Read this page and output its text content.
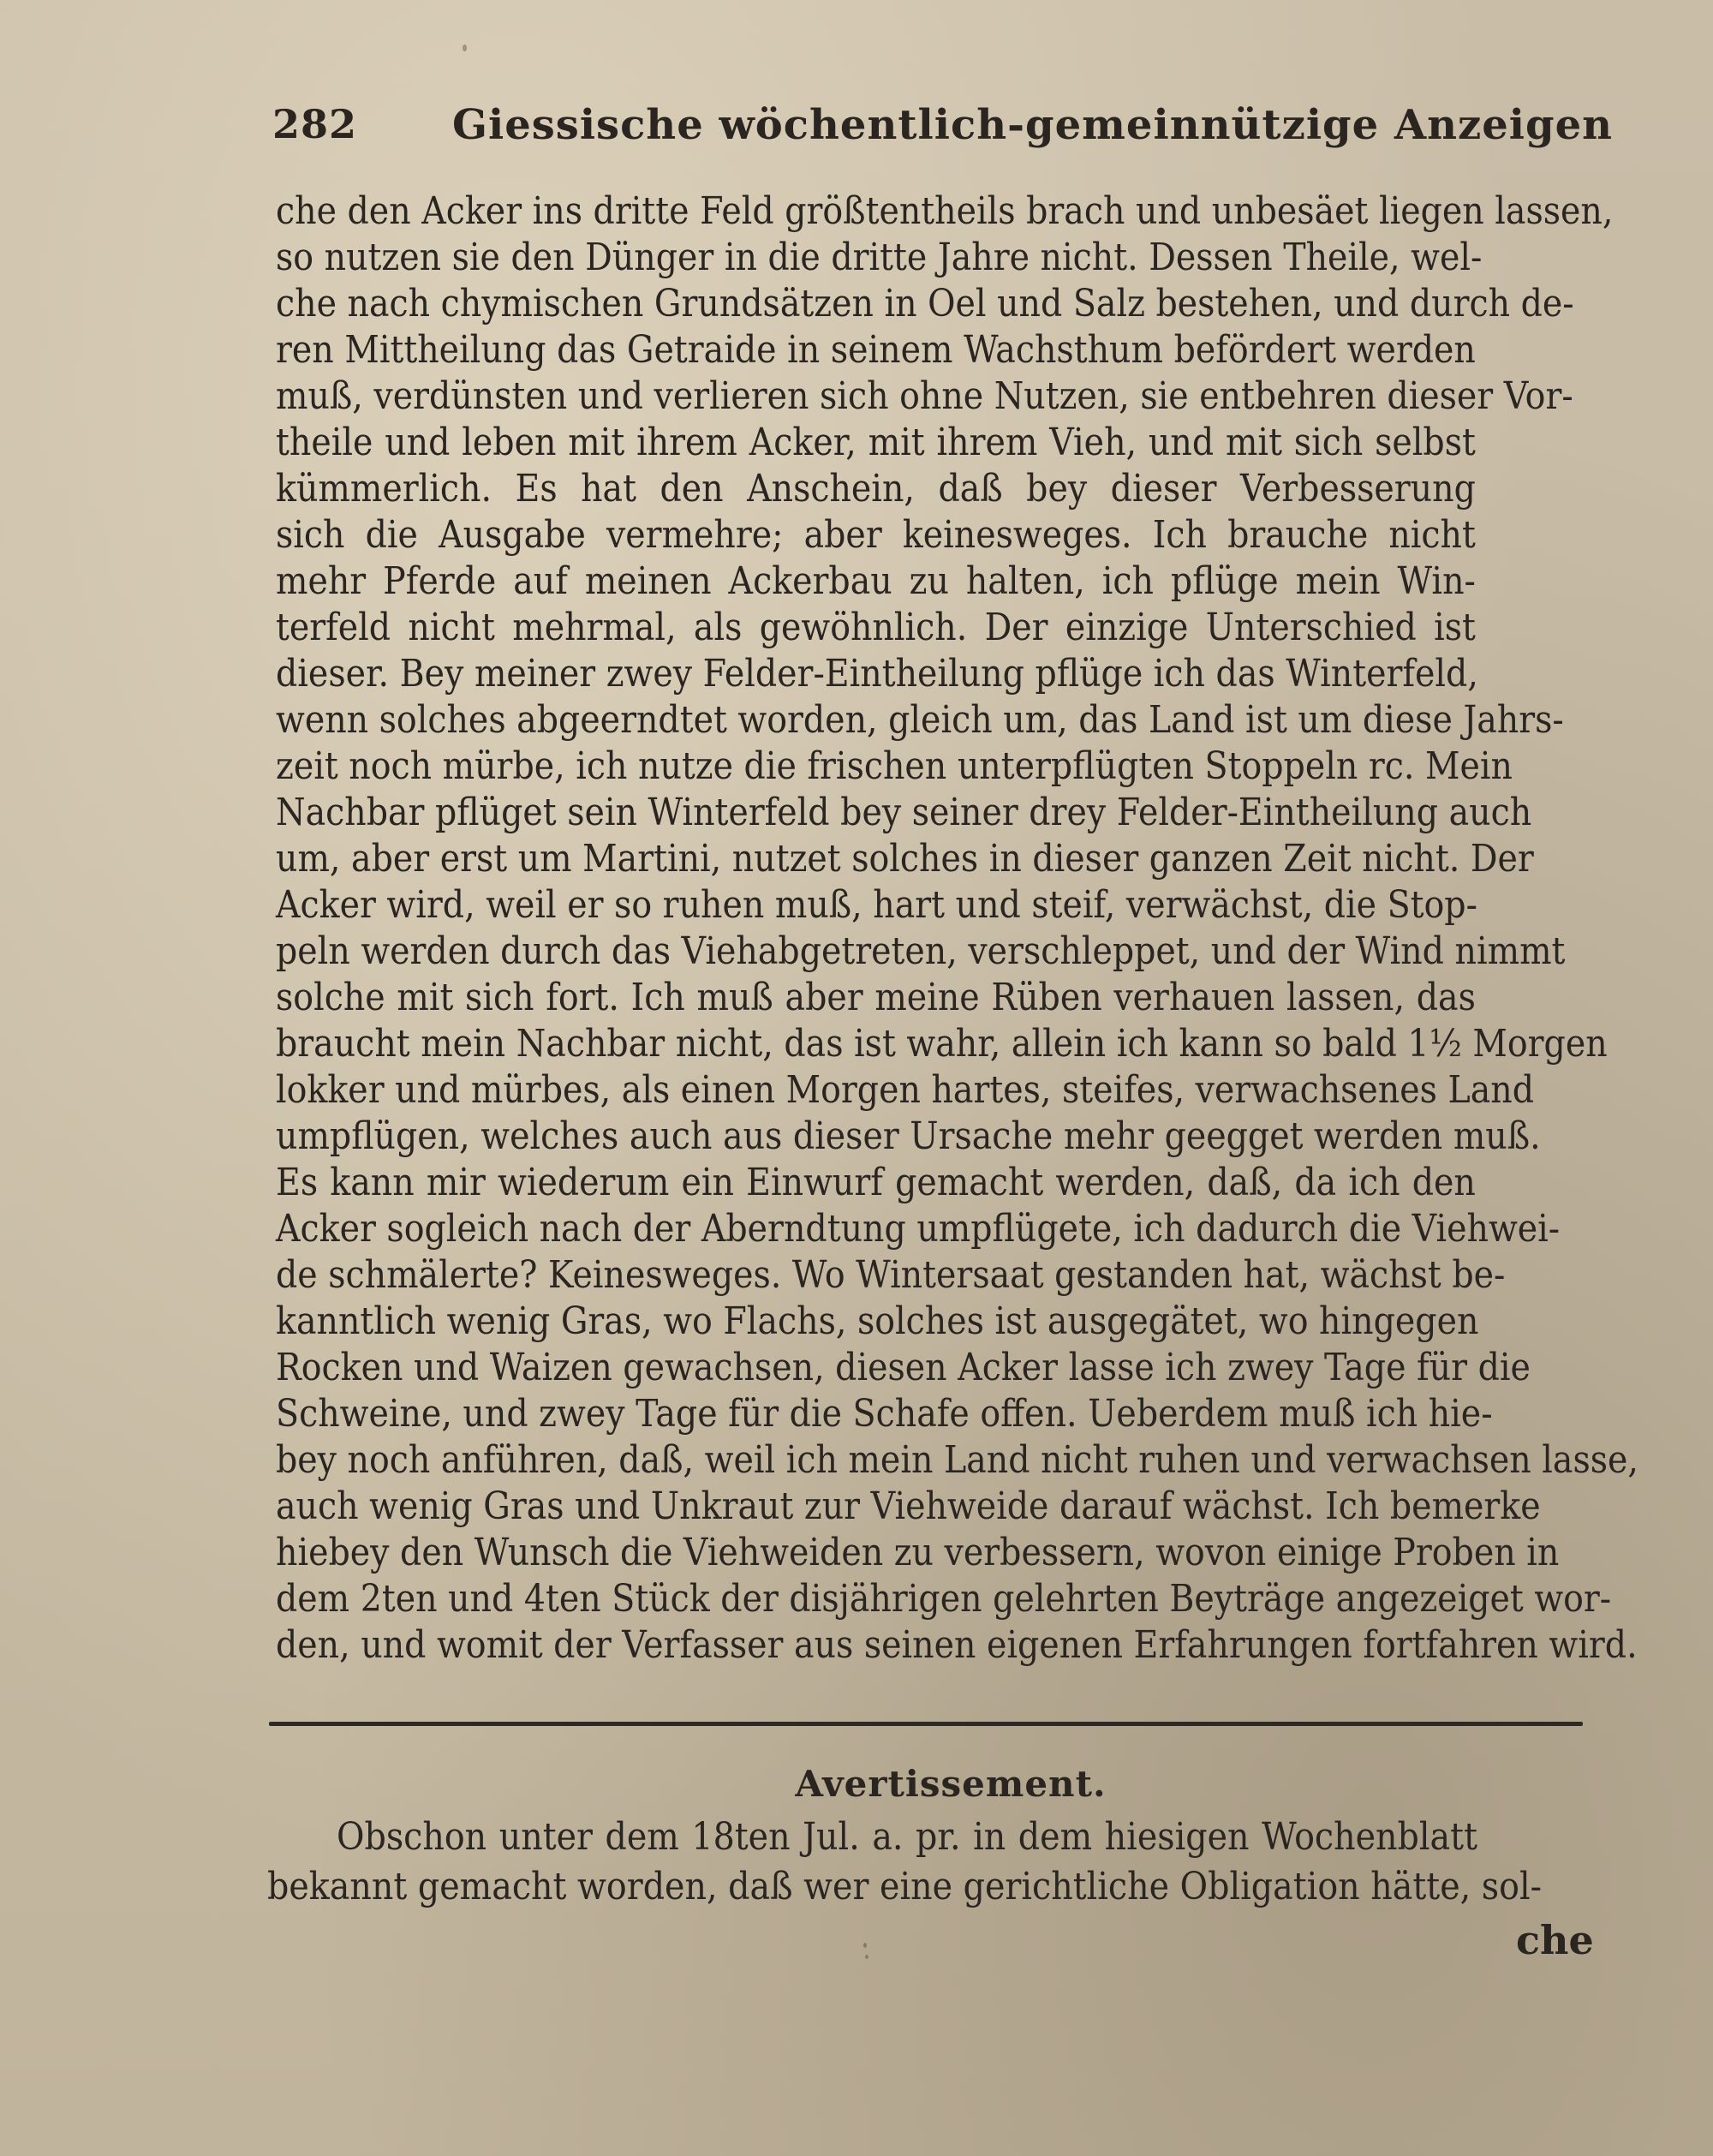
282 Giessische wöchentlich-gemeinnützige Anzeigen
che den Acker ins dritte Feld größtentheils brach und unbesäet liegen lassen,
so nutzen sie den Dünger in die dritte Jahre nicht. Dessen Theile, wel-
che nach chymischen Grundsätzen in Oel und Salz bestehen, und durch de-
ren Mittheilung das Getraide in seinem Wachsthum befördert werden
muß, verdünsten und verlieren sich ohne Nutzen, sie entbehren dieser Vor-
theile und leben mit ihrem Acker, mit ihrem Vieh, und mit sich selbst
kümmerlich. Es hat den Anschein, daß bey dieser Verbesserung
sich die Ausgabe vermehre; aber keinesweges. Ich brauche nicht
mehr Pferde auf meinen Ackerbau zu halten, ich pflüge mein Win-
terfeld nicht mehrmal, als gewöhnlich. Der einzige Unterschied ist
dieser. Bey meiner zwey Felder-Eintheilung pflüge ich das Winterfeld,
wenn solches abgeerndtet worden, gleich um, das Land ist um diese Jahrs-
zeit noch mürbe, ich nutze die frischen unterpflügten Stoppeln rc. Mein
Nachbar pflüget sein Winterfeld bey seiner drey Felder-Eintheilung auch
um, aber erst um Martini, nutzet solches in dieser ganzen Zeit nicht. Der
Acker wird, weil er so ruhen muß, hart und steif, verwächst, die Stop-
peln werden durch das Viehabgetreten, verschleppet, und der Wind nimmt
solche mit sich fort. Ich muß aber meine Rüben verhauen lassen, das
braucht mein Nachbar nicht, das ist wahr, allein ich kann so bald 1½ Morgen
lokker und mürbes, als einen Morgen hartes, steifes, verwachsenes Land
umpflügen, welches auch aus dieser Ursache mehr geegget werden muß.
Es kann mir wiederum ein Einwurf gemacht werden, daß, da ich den
Acker sogleich nach der Aberndtung umpflügete, ich dadurch die Viehwei-
de schmälerte? Keinesweges. Wo Wintersaat gestanden hat, wächst be-
kanntlich wenig Gras, wo Flachs, solches ist ausgegätet, wo hingegen
Rocken und Waizen gewachsen, diesen Acker lasse ich zwey Tage für die
Schweine, und zwey Tage für die Schafe offen. Ueberdem muß ich hie-
bey noch anführen, daß, weil ich mein Land nicht ruhen und verwachsen lasse,
auch wenig Gras und Unkraut zur Viehweide darauf wächst. Ich bemerke
hiebey den Wunsch die Viehweiden zu verbessern, wovon einige Proben in
dem 2ten und 4ten Stück der disjährigen gelehrten Beyträge angezeiget wor-
den, und womit der Verfasser aus seinen eigenen Erfahrungen fortfahren wird.
Avertissement.
Obschon unter dem 18ten Jul. a. pr. in dem hiesigen Wochenblatt
bekannt gemacht worden, daß wer eine gerichtliche Obligation hätte, sol-
che
